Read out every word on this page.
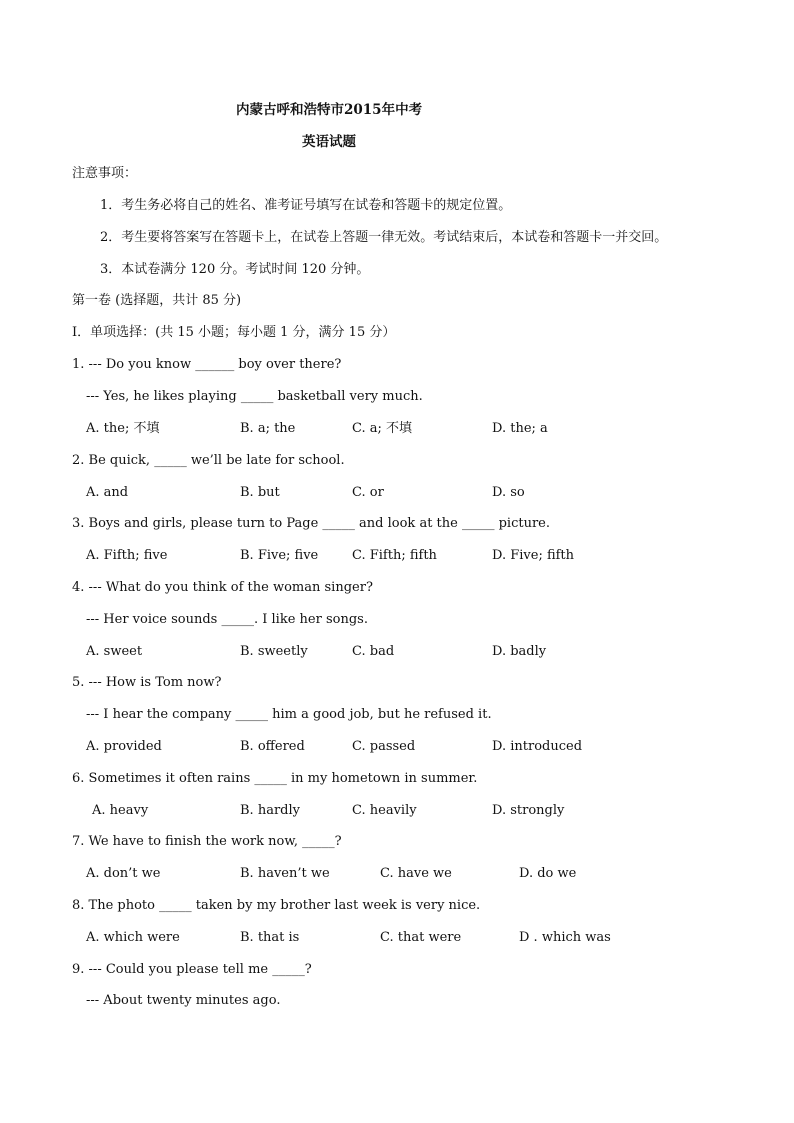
内蒙古呼和浩特市2015年中考
英语试题
注意事项：
1．考生务必将自己的姓名、准考证号填写在试卷和答题卡的规定位置。
2．考生要将答案写在答题卡上，在试卷上答题一律无效。考试结束后，本试卷和答题卡一并交回。
3．本试卷满分 120 分。考试时间 120 分钟。
第一卷 (选择题，共计 85 分)
I．单项选择：(共 15 小题；每小题 1 分，满分 15 分）
1. --- Do you know ______ boy over there?
--- Yes, he likes playing _____ basketball very much.
A. the; 不填	B. a; the	C. a; 不填	D. the; a
2. Be quick, _____ we’ll be late for school.
A. and	B. but	C. or	D. so
3. Boys and girls, please turn to Page _____ and look at the _____ picture.
A. Fifth; five	B. Five; five	C. Fifth; fifth	D. Five; fifth
4. --- What do you think of the woman singer?
--- Her voice sounds _____. I like her songs.
A. sweet	B. sweetly	C. bad	D. badly
5. --- How is Tom now?
--- I hear the company _____ him a good job, but he refused it.
A. provided	B. offered	C. passed	D. introduced
6. Sometimes it often rains _____ in my hometown in summer.
A. heavy	B. hardly	C. heavily	D. strongly
7. We have to finish the work now, _____?
A. don’t we	B. haven’t we	C. have we	D. do we
8. The photo _____ taken by my brother last week is very nice.
A. which were	B. that is	C. that were	D . which was
9. --- Could you please tell me _____?
--- About twenty minutes ago.
